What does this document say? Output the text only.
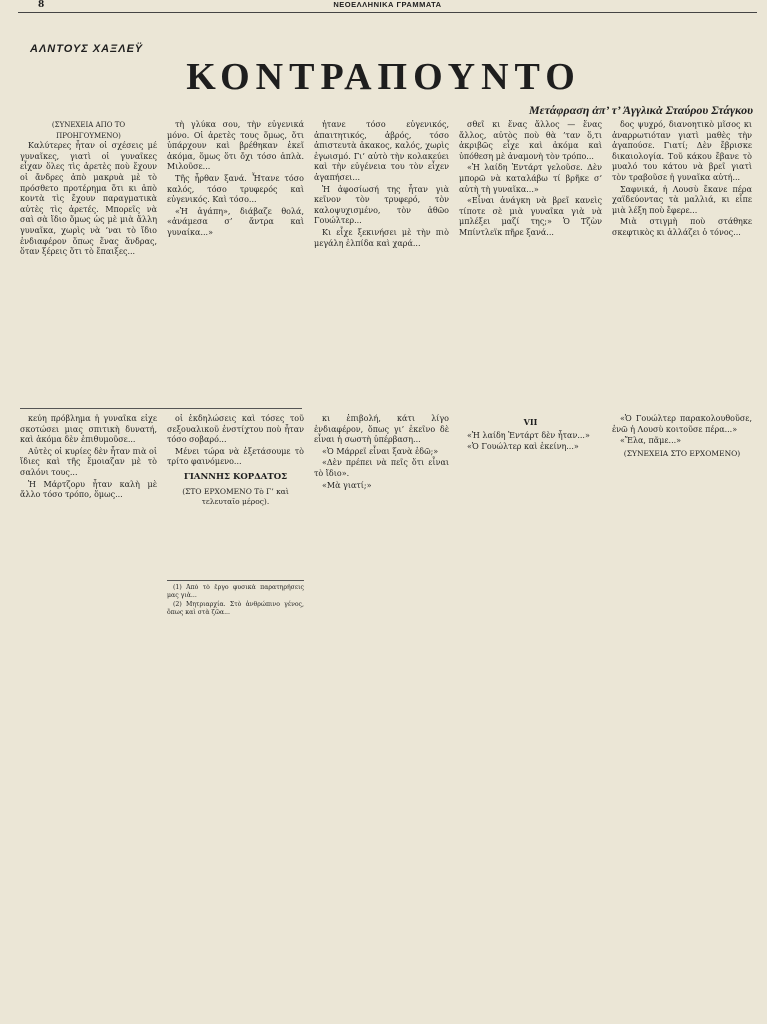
8	ΝΕΟΕΛΛΗΝΙΚΑ ΓΡΑΜΜΑΤΑ
ΑΛΝΤΟΥΣ ΧΑΞΛΕΫ
ΚΟΝΤΡΑΠΟΥΝΤΟ
Μετάφραση ἀπ’ τ’ Ἀγγλικὰ Σταύρου Στάγκου
(ΣΥΝΕΧΕΙΑ ΑΠΟ ΤΟ ΠΡΟΗΓΟΥΜΕΝΟ)

Καλύτερες ἦταν οἱ σχέσεις μέ γυναῖκες, γιατὶ οἱ γυναῖκες εἶχαν ὅλες τὶς ἀρετὲς ποὺ ἔχουν οἱ ἄνδρες ἀπὸ μακρυὰ μὲ τὸ πρόσθετο προτέρημα ὅτι κι ἀπὸ κοντὰ τὶς ἔχουν παραγματικὰ αὐτὲς τὶς ἀρετές. Μπορεῖς νὰ σαὶ σὰ ἴδιο ὅμως ὡς μὲ μιὰ ἄλλη γυναῖκα, χωρὶς νὰ ’ναι τὸ ἴδιο ἐνδιαφέρον ὅπως ἕνας ἄνδρας, ὅταν ξέρεις ὅτι τὸ ἔπαιξες...

τὴ γλύκα σου, τὴν εὐγενικά μόνο. Οἱ ἀρετὲς τους ὅμως, ὅτι ὑπάρχουν καὶ βρέθηκαν ἐκεῖ ἀκόμα, ὅμως ὅτι ὄχι τόσο ἁπλὰ. Μιλοῦσε...

Τῆς ἦρθαν ξανά. Ἦτανε τόσο καλός, τόσο τρυφερός καὶ εὐγενικός. Καὶ τόσο...

«Ἡ ἀγάπη», διάβαζε θολά, «ἀνάμεσα σ’ ἄντρα καὶ γυναίκα...»

ἦτανε τόσο εὐγενικός, ἀπαιτητικός, ἀβρός, τόσο ἀπιστευτὰ ἀκακος, καλός, χωρὶς ἐγωισμό. Γι’ αὐτὸ τὴν κολακεύει καὶ τὴν εὐγένεια του τὸν εἶχεν ἀγαπήσει...

Ἡ ἀφοσίωσή της ἦταν γιὰ κεῖνον τὸν τρυφερό, τὸν καλοψυχισμένο, τὸν ἀθῶο Γουώλτερ...

Κι εἶχε ξεκινήσει μὲ τὴν πιὸ μεγάλη ἐλπίδα καὶ χαρά...

σθεῖ κι ἕνας ἄλλος — ἕνας ἄλλος, αὐτὸς ποὺ θὰ ’ταν ὅ,τι ἀκριβῶς εἶχε καὶ ἀκόμα καὶ ὑπόθεση μὲ ἀναμονὴ τὸν τρόπο...

«Ἡ λαίδη Ἐντάρτ γελοῦσε. Δὲν μπορῶ νὰ καταλάβω τί βρῆκε σ’ αὐτὴ τὴ γυναῖκα...»

«Εἶναι ἀνάγκη νὰ βρεῖ κανεὶς τίποτε σὲ μιὰ γυναῖκα γιὰ νὰ μπλέξει μαζί της;» Ὁ Τζὼν Μπίντλεϊκ πῆρε ξανά...

δος ψυχρό, διανοητικὸ μῖσος κι ἀναρρωτιόταν γιατὶ μαθὲς τὴν ἀγαπούσε. Γιατί; Δὲν ἔβρισκε δικαιολογία. Τοῦ κάκου ἔβανε τὸ μυαλό του κάτου νὰ βρεῖ γιατὶ τὸν τραβοῦσε ἡ γυναῖκα αὐτή...

Σαφνικά, ἡ Λουσὺ ἔκανε πέρα χαϊδεύοντας τὰ μαλλιά, κι εἶπε μιὰ λέξη ποὺ ἔφερε...

Μιὰ στιγμὴ ποὺ στάθηκε σκεφτικὸς κι ἀλλάζει ὁ τόνος...

κεύη πρόβλημα ἡ γυναῖκα εἶχε σκοτώσει μιας σπιτικὴ δυνατή, καὶ ἀκόμα δὲν ἐπιθυμοῦσε...

Αὐτὲς οἱ κυρίες δὲν ἦταν πιὰ οἱ ἴδιες καὶ τῆς ἔμοιαζαν μὲ τὸ σαλόνι τους...

Ἡ Μάρτζορυ ἦταν καλὴ μὲ ἄλλο τόσο τρόπο, ὅμως...

οἱ ἐκδηλώσεις καὶ τόσες τοῦ σεξουαλικοῦ ἐνστίχτου ποὺ ἦταν τόσο σοβαρό...

Μένει τώρα νὰ ἐξετάσουμε τὸ τρίτο φαινόμενο...

ΓΙΑΝΝΗΣ ΚΟΡΔΑΤΟΣ
(ΣΤΟ ΕΡΧΟΜΕΝΟ Τὸ Γ’ καὶ τελευταῖο μέρος).

(1) Ἀπὸ τὸ ἔργο φυσικὰ παρατηρήσεις μας γιὰ...

(2) Μητριαρχία. Στὸ ἀνθρώπινο γένος, ὅπως καὶ στὰ ζῶα...

κι ἐπιβολή, κάτι λίγο ἐνδιαφέρον, ὅπως γι’ ἐκεῖνο δὲ εἶναι ἡ σωστὴ ὑπέρβαση...

«Ὁ Μάρρεϊ εἶναι ξανὰ ἐδῶ;»

«Δὲν πρέπει νὰ πεῖς ὅτι εἶναι τὸ ἴδιο».

«Μὰ γιατί;»

VII

«Ἡ λαίδη Ἐντάρτ δὲν ἦταν...»

«Ὁ Γουώλτερ καὶ ἐκείνη...»

«Ὁ Γουώλτερ παρακολουθοῦσε, ἐνῶ ἡ Λουσὺ κοιτοῦσε πέρα...»

«Ἔλα, πᾶμε...»

(ΣΥΝΕΧΕΙΑ ΣΤΟ ΕΡΧΟΜΕΝΟ)
